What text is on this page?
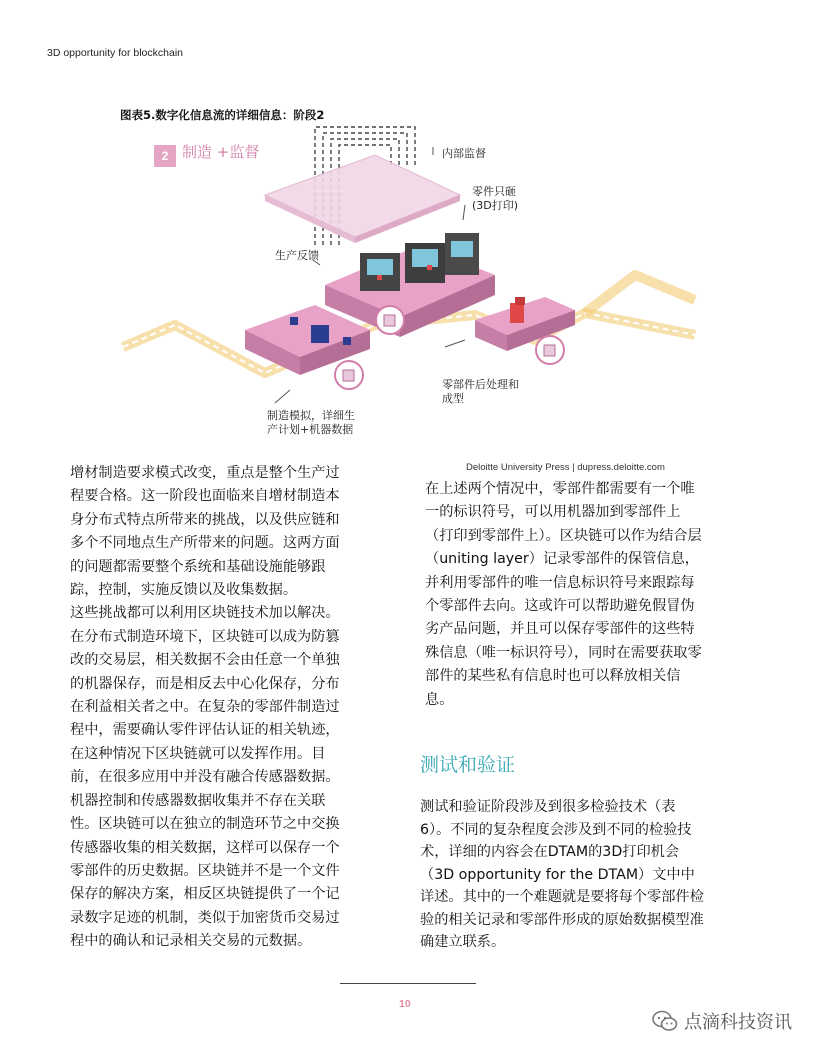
3D opportunity for blockchain
图表5.数字化信息流的详细信息：阶段2
2 制造 +监督	内部监督
零件只砸
(3D打印)
生产反馈
零部件后处理和
成型
制造模拟，详细生
产计划+机器数据
Deloitte University Press | dupress.deloitte.com

增材制造要求模式改变，重点是整个生产过程要合格。这一阶段也面临来自增材制造本身分布式特点所带来的挑战，以及供应链和多个不同地点生产所带来的问题。这两方面的问题都需要整个系统和基础设施能够跟踪，控制，实施反馈以及收集数据。

这些挑战都可以利用区块链技术加以解决。在分布式制造环境下，区块链可以成为防篡改的交易层，相关数据不会由任意一个单独的机器保存，而是相反去中心化保存，分布在利益相关者之中。在复杂的零部件制造过程中，需要确认零件评估认证的相关轨迹，在这种情况下区块链就可以发挥作用。目前，在很多应用中并没有融合传感器数据。机器控制和传感器数据收集并不存在关联性。区块链可以在独立的制造环节之中交换传感器收集的相关数据，这样可以保存一个零部件的历史数据。区块链并不是一个文件保存的解决方案，相反区块链提供了一个记录数字足迹的机制，类似于加密货币交易过程中的确认和记录相关交易的元数据。

在上述两个情况中，零部件都需要有一个唯一的标识符号，可以用机器加到零部件上（打印到零部件上）。区块链可以作为结合层（uniting layer）记录零部件的保管信息，并利用零部件的唯一信息标识符号来跟踪每个零部件去向。这或许可以帮助避免假冒伪劣产品问题，并且可以保存零部件的这些特殊信息（唯一标识符号），同时在需要获取零部件的某些私有信息时也可以释放相关信息。

测试和验证

测试和验证阶段涉及到很多检验技术（表6）。不同的复杂程度会涉及到不同的检验技术，详细的内容会在DTAM的3D打印机会（3D opportunity for the DTAM）文中中详述。其中的一个难题就是要将每个零部件检验的相关记录和零部件形成的原始数据模型准确建立联系。

10
点滴科技资讯
